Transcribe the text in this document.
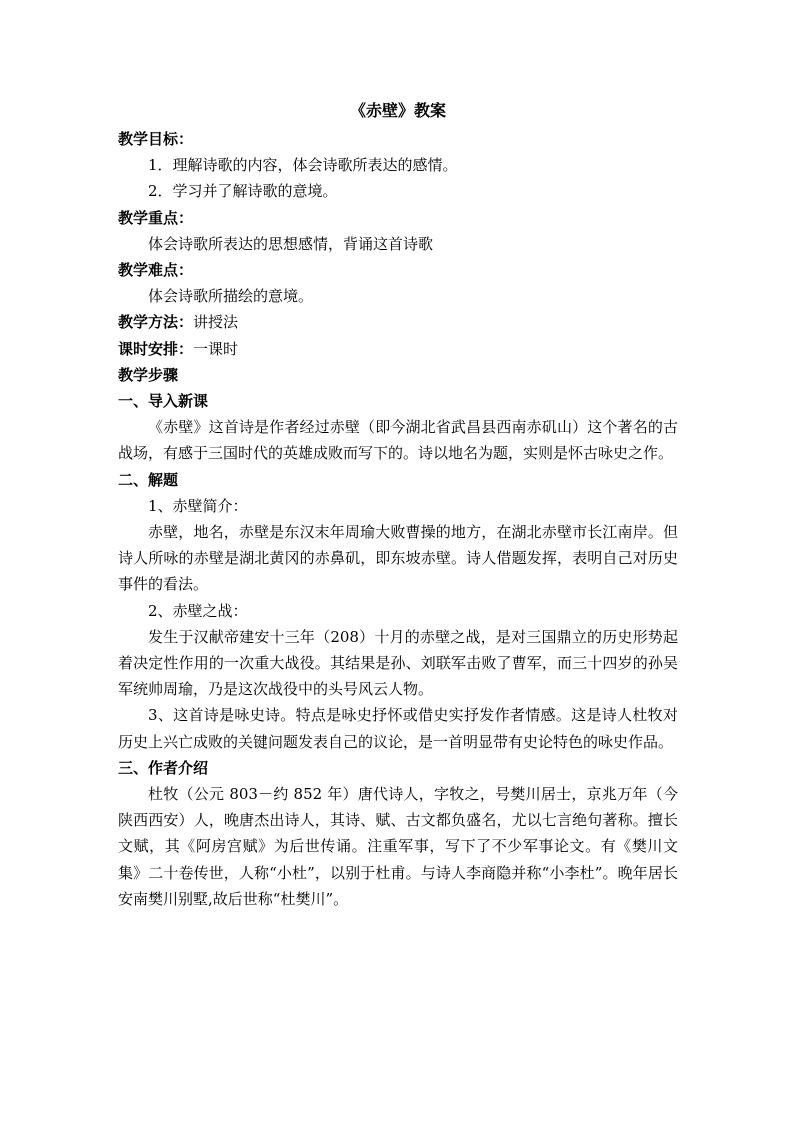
《赤壁》教案

教学目标：

1．理解诗歌的内容，体会诗歌所表达的感情。

2．学习并了解诗歌的意境。

教学重点：

体会诗歌所表达的思想感情，背诵这首诗歌

教学难点：

体会诗歌所描绘的意境。

教学方法：讲授法

课时安排：一课时

教学步骤

一、导入新课

《赤壁》这首诗是作者经过赤壁（即今湖北省武昌县西南赤矶山）这个著名的古战场，有感于三国时代的英雄成败而写下的。诗以地名为题，实则是怀古咏史之作。

二、解题

1、赤壁简介：

赤壁，地名，赤壁是东汉末年周瑜大败曹操的地方，在湖北赤壁市长江南岸。但诗人所咏的赤壁是湖北黄冈的赤鼻矶，即东坡赤壁。诗人借题发挥，表明自己对历史事件的看法。

2、赤壁之战：

发生于汉献帝建安十三年（208）十月的赤壁之战，是对三国鼎立的历史形势起着决定性作用的一次重大战役。其结果是孙、刘联军击败了曹军，而三十四岁的孙吴军统帅周瑜，乃是这次战役中的头号风云人物。

3、这首诗是咏史诗。特点是咏史抒怀或借史实抒发作者情感。这是诗人杜牧对历史上兴亡成败的关键问题发表自己的议论，是一首明显带有史论特色的咏史作品。

三、作者介绍

杜牧（公元 803－约 852 年）唐代诗人，字牧之，号樊川居士，京兆万年（今陕西西安）人，晚唐杰出诗人，其诗、赋、古文都负盛名，尤以七言绝句著称。擅长文赋，其《阿房宫赋》为后世传诵。注重军事，写下了不少军事论文。有《樊川文集》二十卷传世，人称“小杜”，以别于杜甫。与诗人李商隐并称“小李杜”。晚年居长安南樊川别墅,故后世称“杜樊川”。
